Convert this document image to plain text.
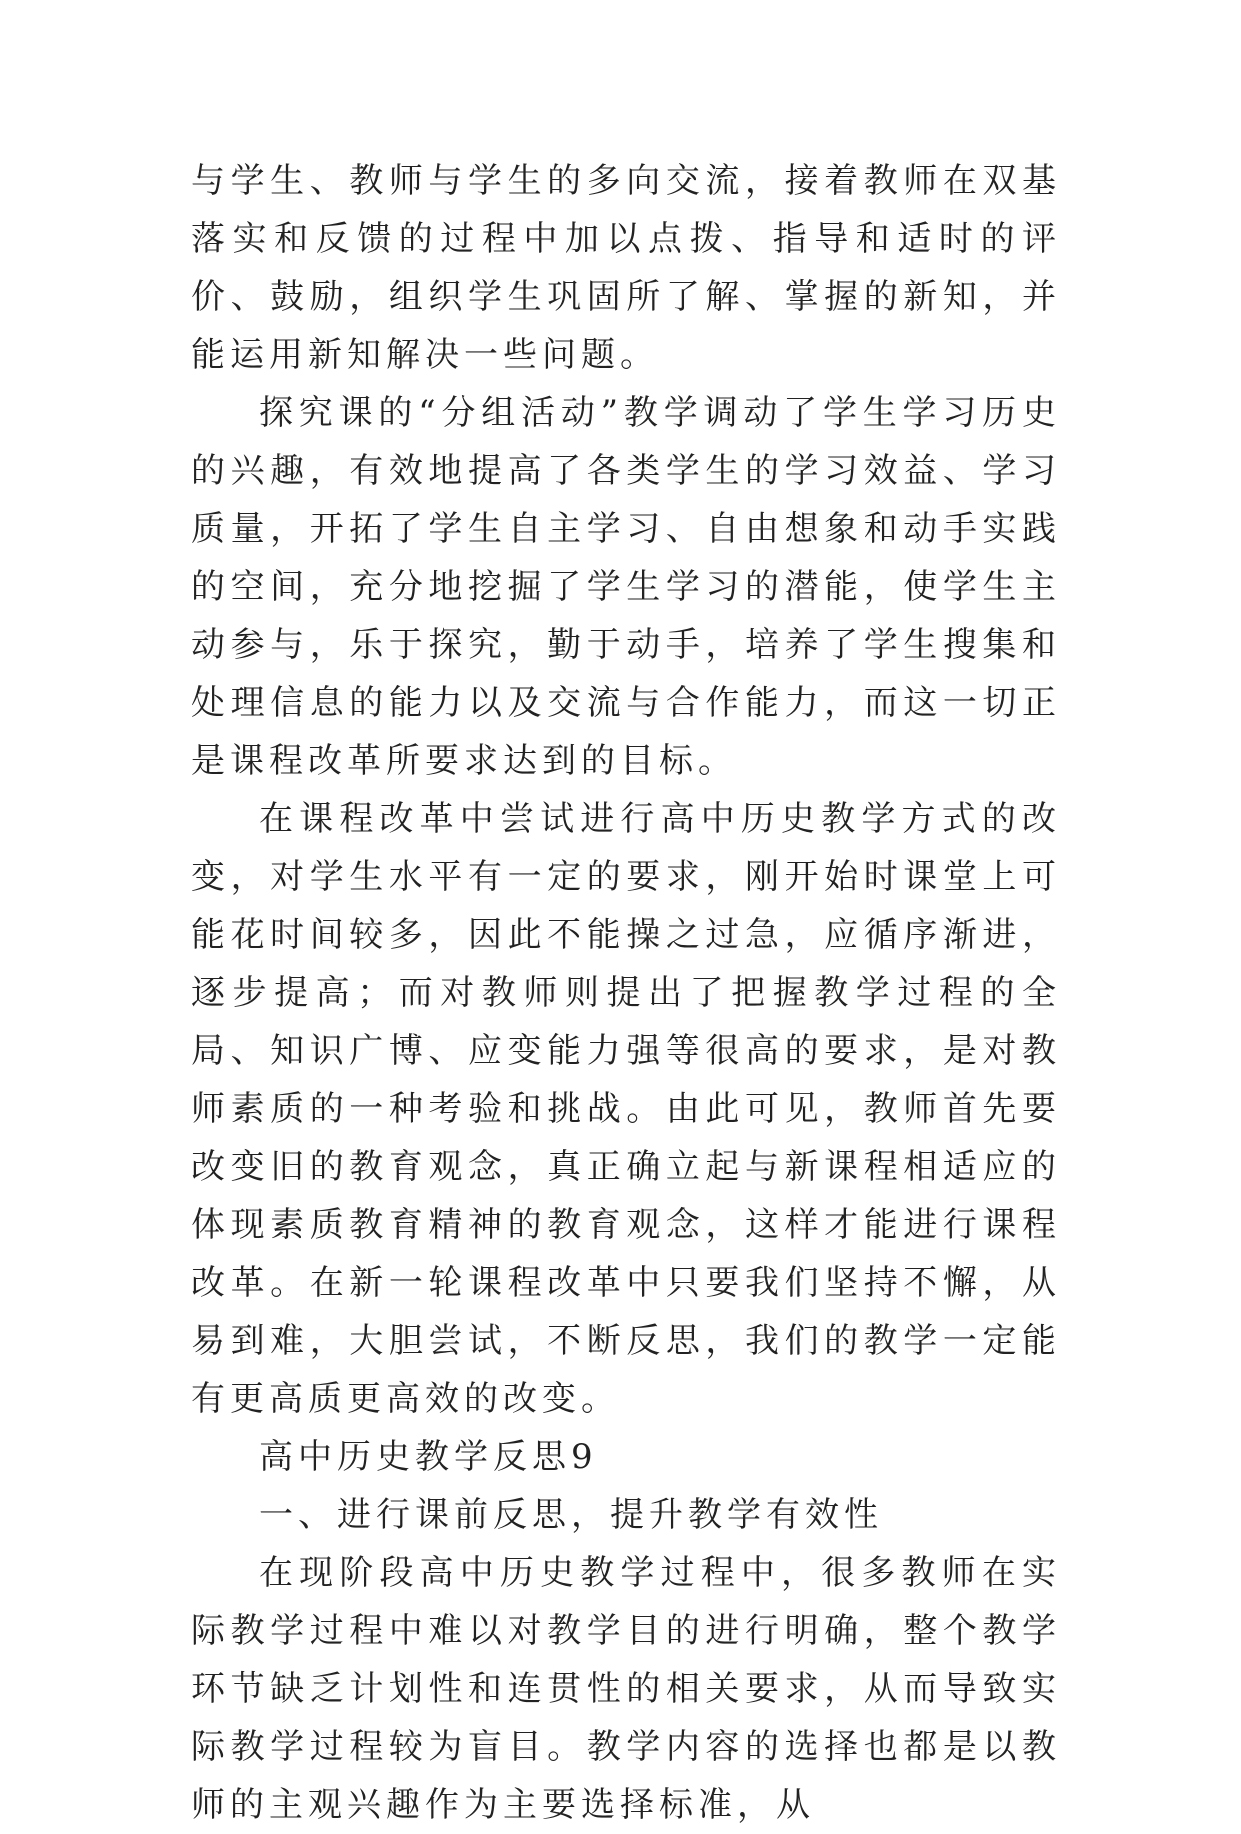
与学生、教师与学生的多向交流，接着教师在双基落实和反馈的过程中加以点拨、指导和适时的评价、鼓励，组织学生巩固所了解、掌握的新知，并能运用新知解决一些问题。

探究课的“分组活动”教学调动了学生学习历史的兴趣，有效地提高了各类学生的学习效益、学习质量，开拓了学生自主学习、自由想象和动手实践的空间，充分地挖掘了学生学习的潜能，使学生主动参与，乐于探究，勤于动手，培养了学生搜集和处理信息的能力以及交流与合作能力，而这一切正是课程改革所要求达到的目标。

在课程改革中尝试进行高中历史教学方式的改变，对学生水平有一定的要求，刚开始时课堂上可能花时间较多，因此不能操之过急，应循序渐进，逐步提高；而对教师则提出了把握教学过程的全局、知识广博、应变能力强等很高的要求，是对教师素质的一种考验和挑战。由此可见，教师首先要改变旧的教育观念，真正确立起与新课程相适应的体现素质教育精神的教育观念，这样才能进行课程改革。在新一轮课程改革中只要我们坚持不懈，从易到难，大胆尝试，不断反思，我们的教学一定能有更高质更高效的改变。

高中历史教学反思9

一、进行课前反思，提升教学有效性

在现阶段高中历史教学过程中，很多教师在实际教学过程中难以对教学目的进行明确，整个教学环节缺乏计划性和连贯性的相关要求，从而导致实际教学过程较为盲目。教学内容的选择也都是以教师的主观兴趣作为主要选择标准，从
